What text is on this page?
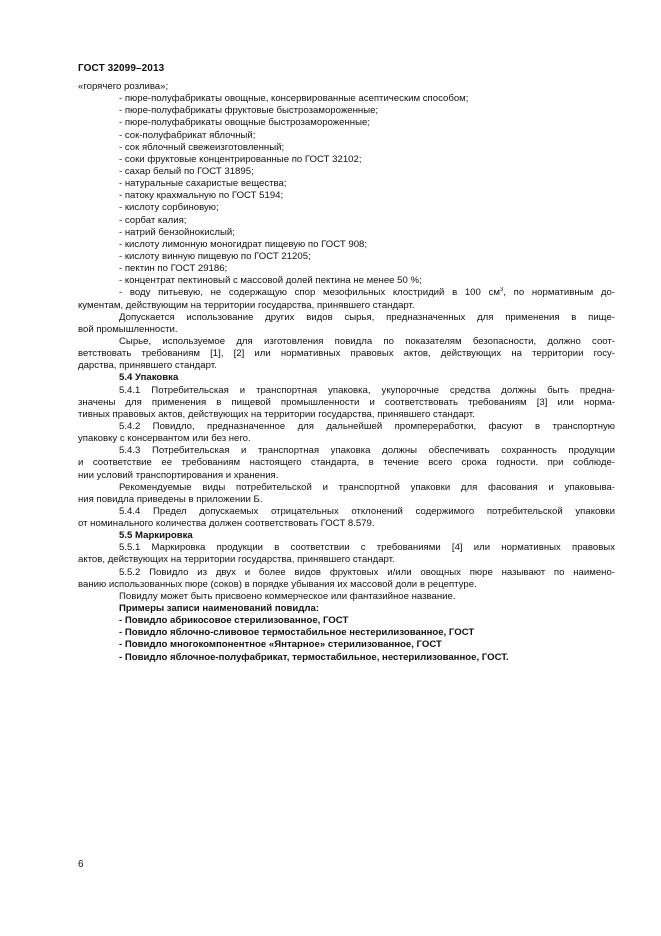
ГОСТ 32099–2013
«горячего розлива»;
- пюре-полуфабрикаты овощные, консервированные асептическим способом;
- пюре-полуфабрикаты фруктовые быстрозамороженные;
- пюре-полуфабрикаты овощные быстрозамороженные;
- сок-полуфабрикат яблочный;
- сок яблочный свежеизготовленный;
- соки фруктовые концентрированные по ГОСТ 32102;
- сахар белый по ГОСТ 31895;
- натуральные сахаристые вещества;
- патоку крахмальную по ГОСТ 5194;
- кислоту сорбиновую;
- сорбат калия;
- натрий бензойнокислый;
- кислоту лимонную моногидрат пищевую по ГОСТ 908;
- кислоту винную пищевую по ГОСТ 21205;
- пектин по ГОСТ 29186;
- концентрат пектиновый с массовой долей пектина не менее 50 %;
- воду питьевую, не содержащую спор мезофильных клостридий в 100 $см^3$, по нормативным до-
кументам, действующим на территории государства, принявшего стандарт.
Допускается использование других видов сырья, предназначенных для применения в пище-
вой промышленности.
Сырье, используемое для изготовления повидла по показателям безопасности, должно соот-
ветствовать требованиям [1], [2] или нормативных правовых актов, действующих на территории госу-
дарства, принявшего стандарт.
5.4 Упаковка
5.4.1 Потребительская и транспортная упаковка, укупорочные средства должны быть предна-
значены для применения в пищевой промышленности и соответствовать требованиям [3] или норма-
тивных правовых актов, действующих на территории государства, принявшего стандарт.
5.4.2 Повидло, предназначенное для дальнейшей промпереработки, фасуют в транспортную
упаковку с консервантом или без него.
5.4.3 Потребительская и транспортная упаковка должны обеспечивать сохранность продукции
и соответствие ее требованиям настоящего стандарта, в течение всего срока годности. при соблюде-
нии условий транспортирования и хранения.
Рекомендуемые виды потребительской и транспортной упаковки для фасования и упаковыва-
ния повидла приведены в приложении Б.
5.4.4 Предел допускаемых отрицательных отклонений содержимого потребительской упаковки
от номинального количества должен соответствовать ГОСТ 8.579.
5.5 Маркировка
5.5.1 Маркировка продукции в соответствии с требованиями [4] или нормативных правовых
актов, действующих на территории государства, принявшего стандарт.
5.5.2 Повидло из двух и более видов фруктовых и/или овощных пюре называют по наимено-
ванию использованных пюре (соков) в порядке убывания их массовой доли в рецептуре.
Повидлу может быть присвоено коммерческое или фантазийное название.
Примеры записи наименований повидла:
- Повидло абрикосовое стерилизованное, ГОСТ
- Повидло яблочно-сливовое термостабильное нестерилизованное, ГОСТ
- Повидло многокомпонентное «Янтарное» стерилизованное, ГОСТ
- Повидло яблочное-полуфабрикат, термостабильное, нестерилизованное, ГОСТ.
6
